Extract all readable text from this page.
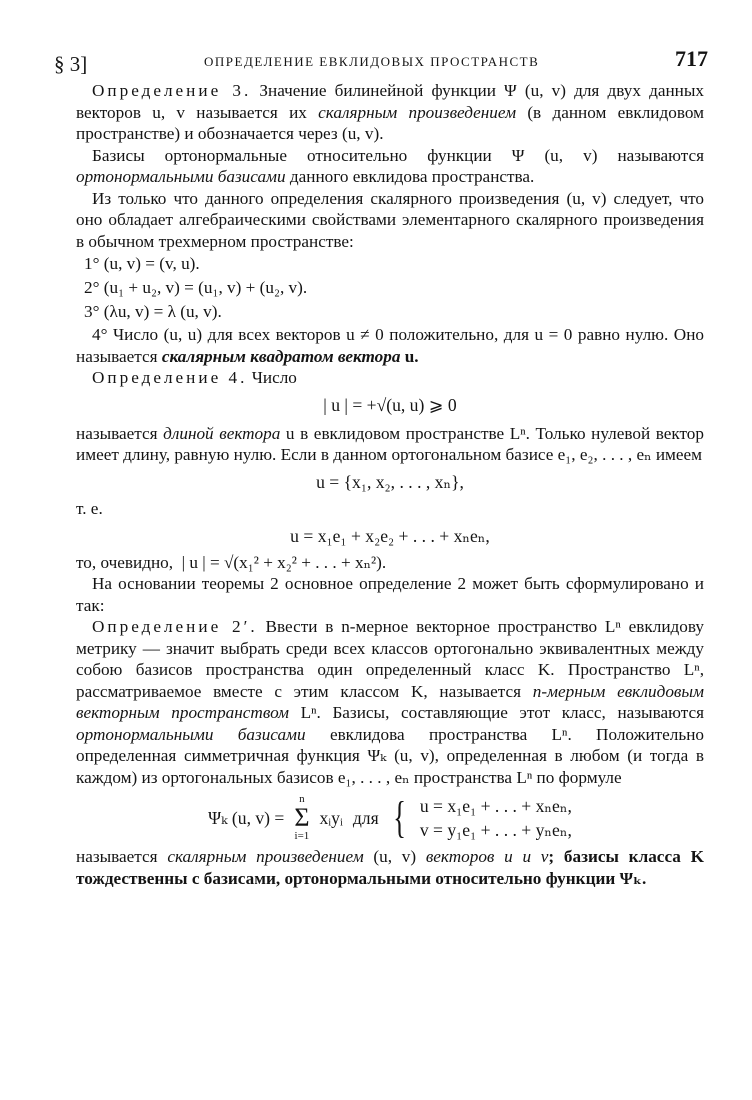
§ 3]	ОПРЕДЕЛЕНИЕ ЕВКЛИДОВЫХ ПРОСТРАНСТВ	717

Определение 3. Значение билинейной функции Ψ (u, v) для двух данных векторов u, v называется их скалярным произведением (в данном евклидовом пространстве) и обозначается через (u, v).

Базисы ортонормальные относительно функции Ψ (u, v) называются ортонормальными базисами данного евклидова пространства.

Из только что данного определения скалярного произведения (u, v) следует, что оно обладает алгебраическими свойствами элементарного скалярного произведения в обычном трехмерном пространстве:

1° (u, v) = (v, u).

2° (u₁ + u₂, v) = (u₁, v) + (u₂, v).

3° (λu, v) = λ (u, v).

4° Число (u, u) для всех векторов u ≠ 0 положительно, для u = 0 равно нулю. Оно называется скалярным квадратом вектора u.

Определение 4. Число

| u | = +√(u, u) ⩾ 0

называется длиной вектора u в евклидовом пространстве Lⁿ. Только нулевой вектор имеет длину, равную нулю. Если в данном ортогональном базисе e₁, e₂, . . . , eₙ имеем

u = {x₁, x₂, . . . , xₙ},

т. е.

u = x₁e₁ + x₂e₂ + . . . + xₙeₙ,

то, очевидно, | u | = √(x₁² + x₂² + . . . + xₙ²).

На основании теоремы 2 основное определение 2 может быть сформулировано и так:

Определение 2′. Ввести в n-мерное векторное пространство Lⁿ евклидову метрику — значит выбрать среди всех классов ортогонально эквивалентных между собою базисов пространства один определенный класс K. Пространство Lⁿ, рассматриваемое вместе с этим классом K, называется n-мерным евклидовым векторным пространством Lⁿ. Базисы, составляющие этот класс, называются ортонормальными базисами евклидова пространства Lⁿ. Положительно определенная симметричная функция Ψₖ (u, v), определенная в любом (и тогда в каждом) из ортогональных базисов e₁, . . . , eₙ пространства Lⁿ по формуле

Ψₖ (u, v) =
n
Σ
i=1
xᵢyᵢ для { u = x₁e₁ + . . . + xₙeₙ,
v = y₁e₁ + . . . + yₙeₙ,

называется скалярным произведением (u, v) векторов u и v; базисы класса K тождественны с базисами, ортонормальными относительно функции Ψₖ.
